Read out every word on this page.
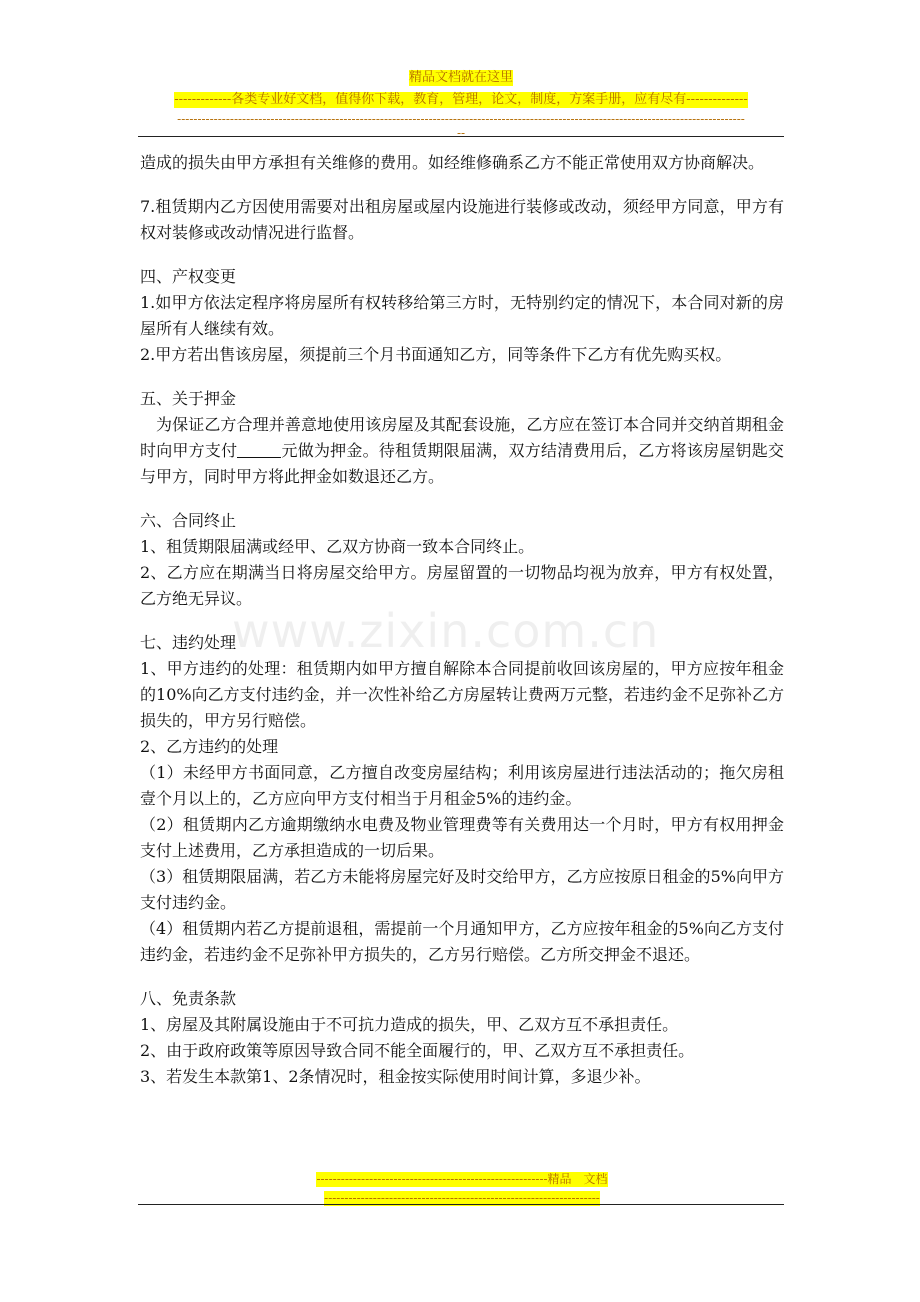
精品文档就在这里
-------------各类专业好文档，值得你下载，教育，管理，论文，制度，方案手册，应有尽有--------------
--------------------------------------------------------------------------------------------------------------------------------------------
--
www.zixin.com.cn

造成的损失由甲方承担有关维修的费用。如经维修确系乙方不能正常使用双方协商解决。

7.租赁期内乙方因使用需要对出租房屋或屋内设施进行装修或改动，须经甲方同意，甲方有权对装修或改动情况进行监督。

四、产权变更

1.如甲方依法定程序将房屋所有权转移给第三方时，无特别约定的情况下，本合同对新的房屋所有人继续有效。

2.甲方若出售该房屋，须提前三个月书面通知乙方，同等条件下乙方有优先购买权。

五、关于押金

为保证乙方合理并善意地使用该房屋及其配套设施，乙方应在签订本合同并交纳首期租金时向甲方支付	元做为押金。待租赁期限届满，双方结清费用后，乙方将该房屋钥匙交与甲方，同时甲方将此押金如数退还乙方。

六、合同终止

1、租赁期限届满或经甲、乙双方协商一致本合同终止。

2、乙方应在期满当日将房屋交给甲方。房屋留置的一切物品均视为放弃，甲方有权处置，乙方绝无异议。

七、违约处理

1、甲方违约的处理：租赁期内如甲方擅自解除本合同提前收回该房屋的，甲方应按年租金的10%向乙方支付违约金，并一次性补给乙方房屋转让费两万元整，若违约金不足弥补乙方损失的，甲方另行赔偿。

2、乙方违约的处理

（1）未经甲方书面同意，乙方擅自改变房屋结构；利用该房屋进行违法活动的；拖欠房租壹个月以上的，乙方应向甲方支付相当于月租金5%的违约金。

（2）租赁期内乙方逾期缴纳水电费及物业管理费等有关费用达一个月时，甲方有权用押金支付上述费用，乙方承担造成的一切后果。

（3）租赁期限届满，若乙方未能将房屋完好及时交给甲方，乙方应按原日租金的5%向甲方支付违约金。

（4）租赁期内若乙方提前退租，需提前一个月通知甲方，乙方应按年租金的5%向乙方支付违约金，若违约金不足弥补甲方损失的，乙方另行赔偿。乙方所交押金不退还。

八、免责条款

1、房屋及其附属设施由于不可抗力造成的损失，甲、乙双方互不承担责任。

2、由于政府政策等原因导致合同不能全面履行的，甲、乙双方互不承担责任。

3、若发生本款第1、2条情况时，租金按实际使用时间计算，多退少补。

---------------------------------------------------------精品　文档
--------------------------------------------------------------------
